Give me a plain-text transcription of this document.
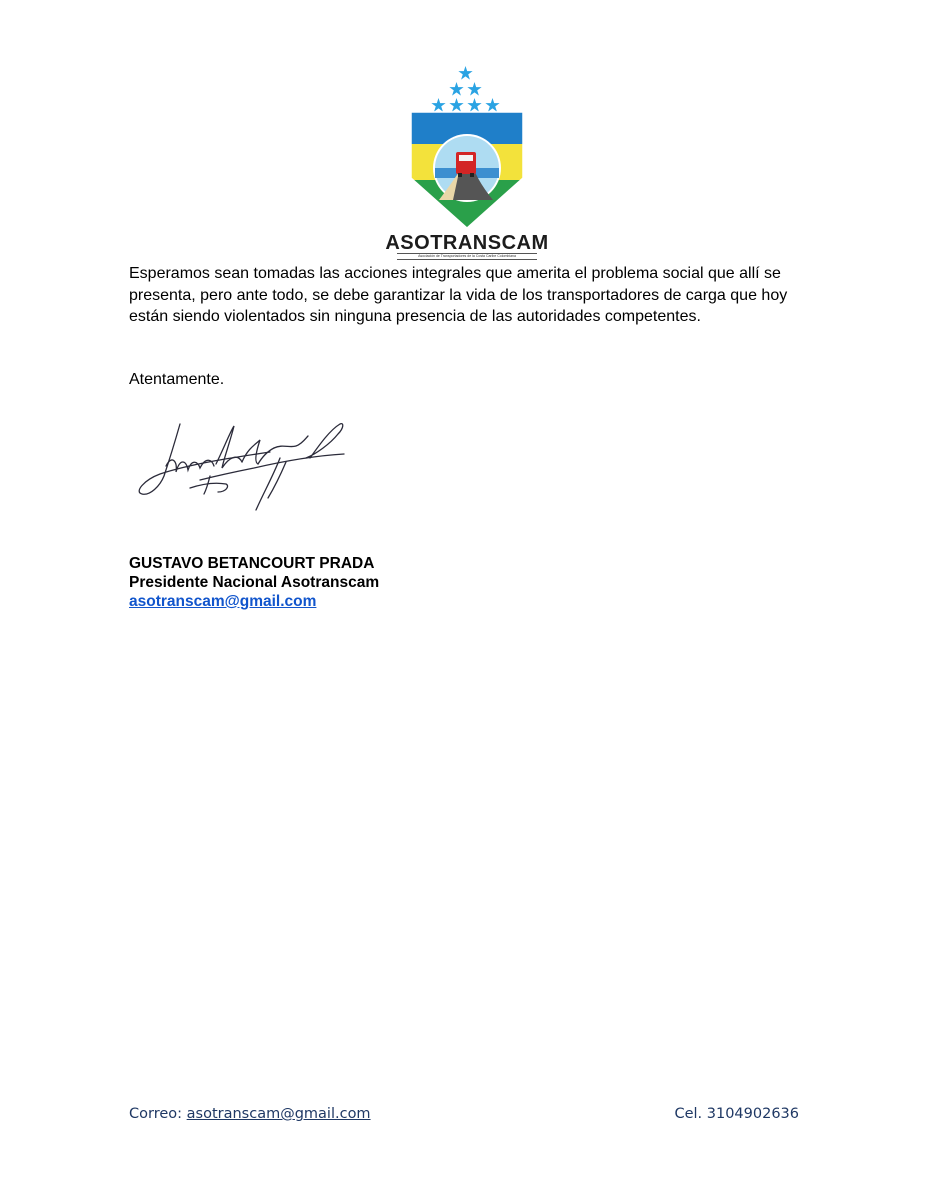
ASOTRANSCAM
Asociación de Transportadores de la Costa Caribe Colombiana
Esperamos sean tomadas las acciones integrales que amerita el problema social que allí se presenta, pero ante todo, se debe garantizar la vida de los transportadores de carga que hoy están siendo violentados sin ninguna presencia de las autoridades competentes.
Atentamente.
GUSTAVO BETANCOURT PRADA
Presidente Nacional Asotranscam
asotranscam@gmail.com
Correo: asotranscam@gmail.com	Cel. 3104902636
